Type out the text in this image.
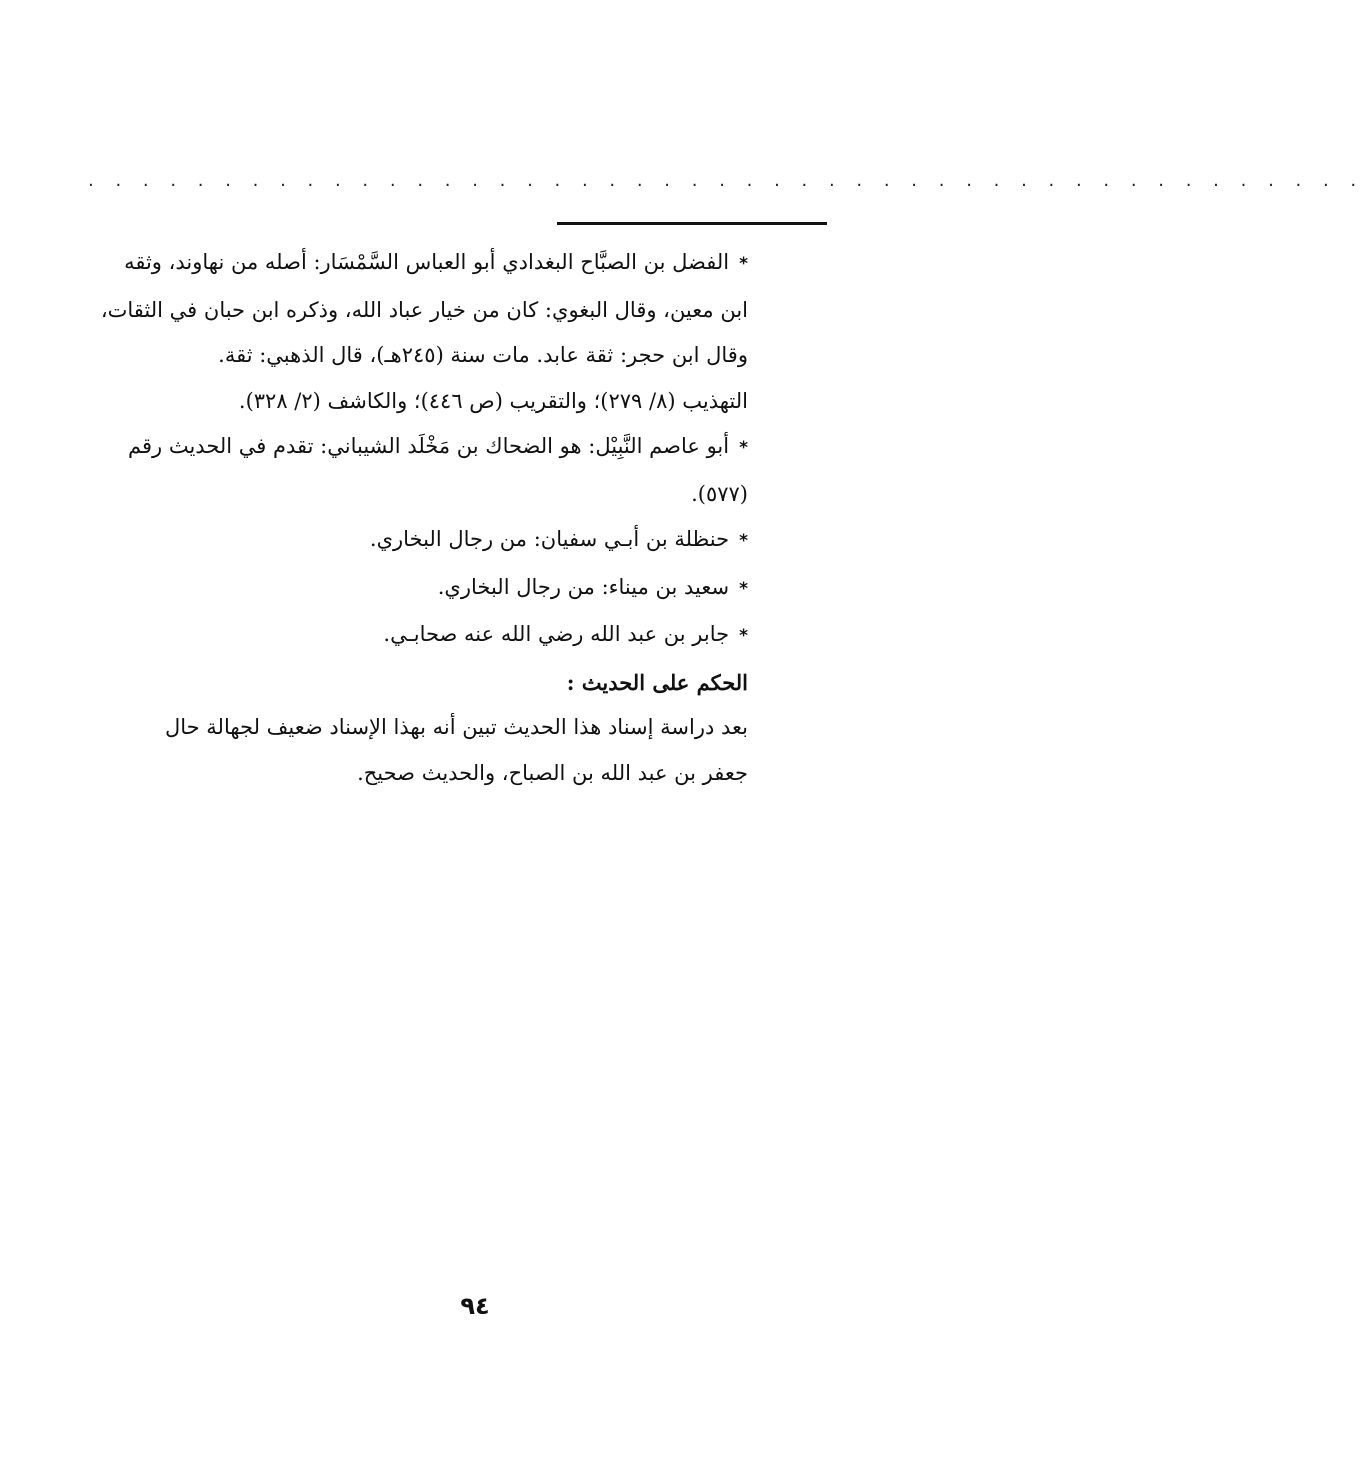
. . . . . . . . . . . . . . . . . . . . . . . . . . . . . . . . . . . . . . . . . . . . . . .
*الفضل بن الصبَّاح البغدادي أبو العباس السَّمْسَار: أصله من نهاوند، وثقه
ابن معين، وقال البغوي: كان من خيار عباد الله، وذكره ابن حبان في الثقات،
وقال ابن حجر: ثقة عابد. مات سنة (٢٤٥هـ)، قال الذهبي: ثقة.
التهذيب (٨/ ٢٧٩)؛ والتقريب (ص ٤٤٦)؛ والكاشف (٢/ ٣٢٨).
*أبو عاصم النَّبِيْل: هو الضحاك بن مَخْلَد الشيباني: تقدم في الحديث رقم
(٥٧٧).
*حنظلة بن أبـي سفيان: من رجال البخاري.
*سعيد بن ميناء: من رجال البخاري.
*جابر بن عبد الله رضي الله عنه صحابـي.
الحكم على الحديث :
بعد دراسة إسناد هذا الحديث تبين أنه بهذا الإسناد ضعيف لجهالة حال
جعفر بن عبد الله بن الصباح، والحديث صحيح.
٩٤
